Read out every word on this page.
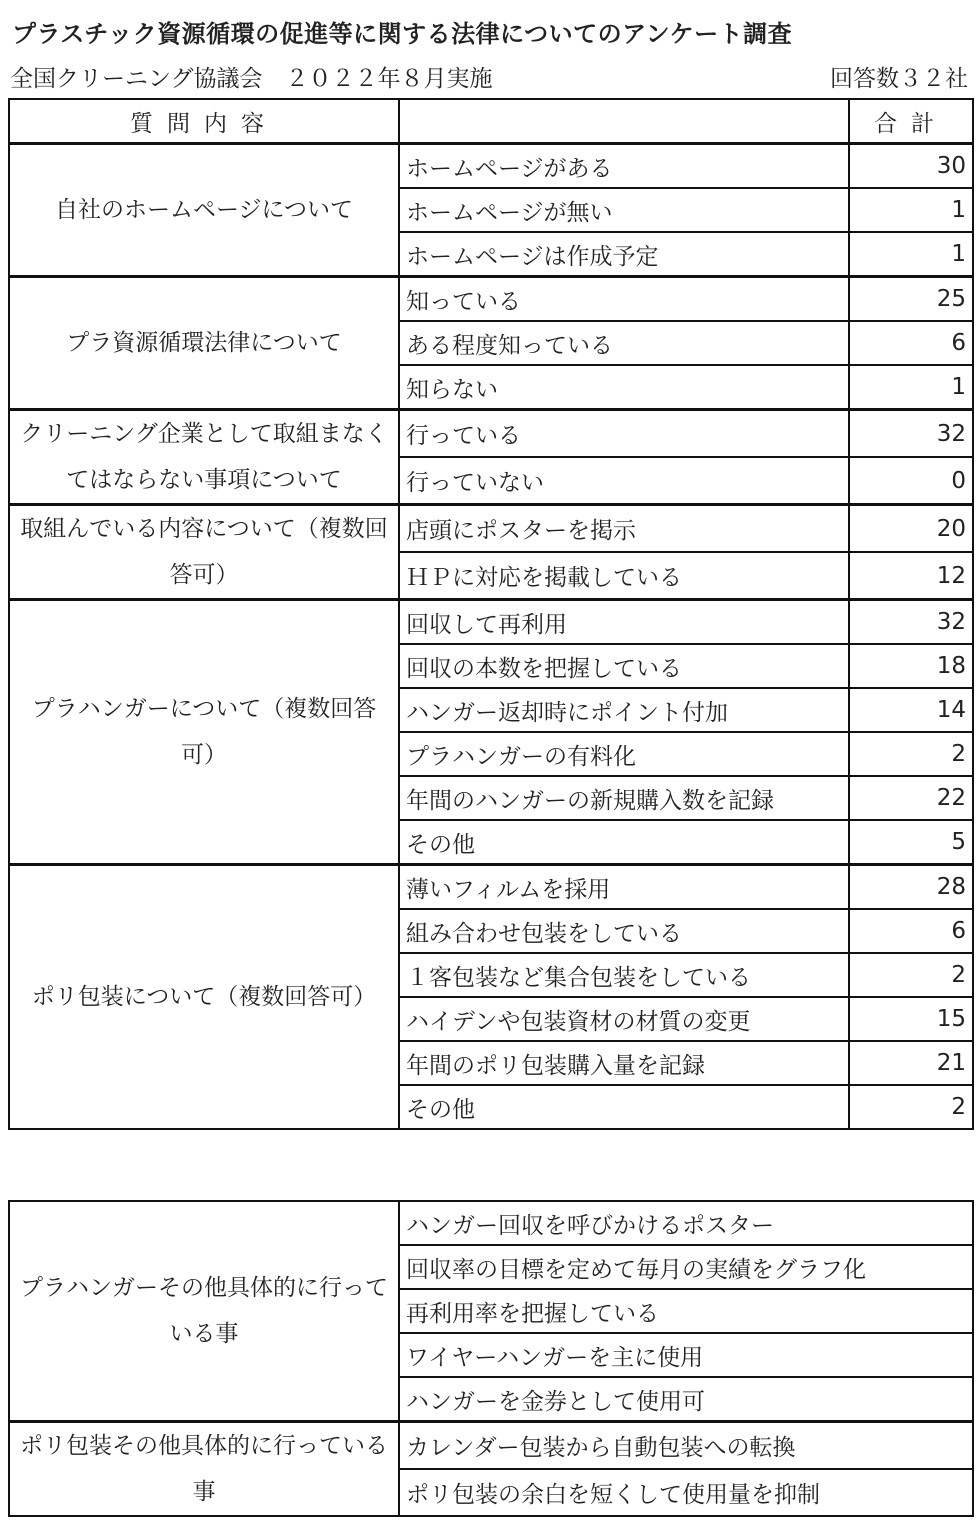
プラスチック資源循環の促進等に関する法律についてのアンケート調査
全国クリーニング協議会　２０２２年８月実施	回答数３２社
質問内容		合計
自社のホームページについて	ホームページがある	30
	ホームページが無い	1
	ホームページは作成予定	1
プラ資源循環法律について	知っている	25
	ある程度知っている	6
	知らない	1
クリーニング企業として取組まなくてはならない事項について	行っている	32
	行っていない	0
取組んでいる内容について（複数回答可）	店頭にポスターを掲示	20
	ＨＰに対応を掲載している	12
プラハンガーについて（複数回答可）	回収して再利用	32
	回収の本数を把握している	18
	ハンガー返却時にポイント付加	14
	プラハンガーの有料化	2
	年間のハンガーの新規購入数を記録	22
	その他	5
ポリ包装について（複数回答可）	薄いフィルムを採用	28
	組み合わせ包装をしている	6
	１客包装など集合包装をしている	2
	ハイデンや包装資材の材質の変更	15
	年間のポリ包装購入量を記録	21
	その他	2
プラハンガーその他具体的に行っている事	ハンガー回収を呼びかけるポスター
	回収率の目標を定めて毎月の実績をグラフ化
	再利用率を把握している
	ワイヤーハンガーを主に使用
	ハンガーを金券として使用可
ポリ包装その他具体的に行っている事	カレンダー包装から自動包装への転換
	ポリ包装の余白を短くして使用量を抑制
